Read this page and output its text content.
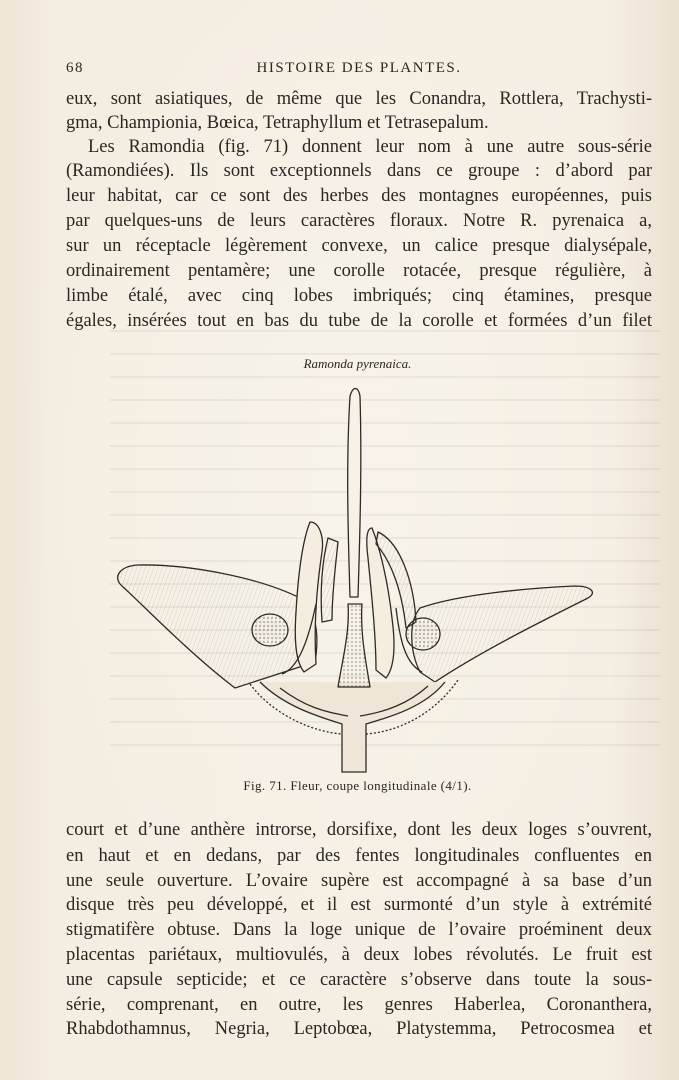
68	HISTOIRE DES PLANTES.
eux, sont asiatiques, de même que les Conandra, Rottlera, Trachysti-
gma, Championia, Bœica, Tetraphyllum et Tetrasepalum.
Les Ramondia (fig. 71) donnent leur nom à une autre sous-série
(Ramondiées). Ils sont exceptionnels dans ce groupe : d’abord par
leur habitat, car ce sont des herbes des montagnes européennes, puis
par quelques-uns de leurs caractères floraux. Notre R. pyrenaica a,
sur un réceptacle légèrement convexe, un calice presque dialysépale,
ordinairement pentamère; une corolle rotacée, presque régulière, à
limbe étalé, avec cinq lobes imbriqués; cinq étamines, presque
égales, insérées tout en bas du tube de la corolle et formées d’un filet
Ramonda pyrenaica.
Fig. 71. Fleur, coupe longitudinale (4/1).
court et d’une anthère introrse, dorsifixe, dont les deux loges s’ouvrent,
en haut et en dedans, par des fentes longitudinales confluentes en
une seule ouverture. L’ovaire supère est accompagné à sa base d’un
disque très peu développé, et il est surmonté d’un style à extrémité
stigmatifère obtuse. Dans la loge unique de l’ovaire proéminent deux
placentas pariétaux, multiovulés, à deux lobes révolutés. Le fruit est
une capsule septicide; et ce caractère s’observe dans toute la sous-
série, comprenant, en outre, les genres Haberlea, Coronanthera,
Rhabdothamnus, Negria, Leptobœa, Platystemma, Petrocosmea et
